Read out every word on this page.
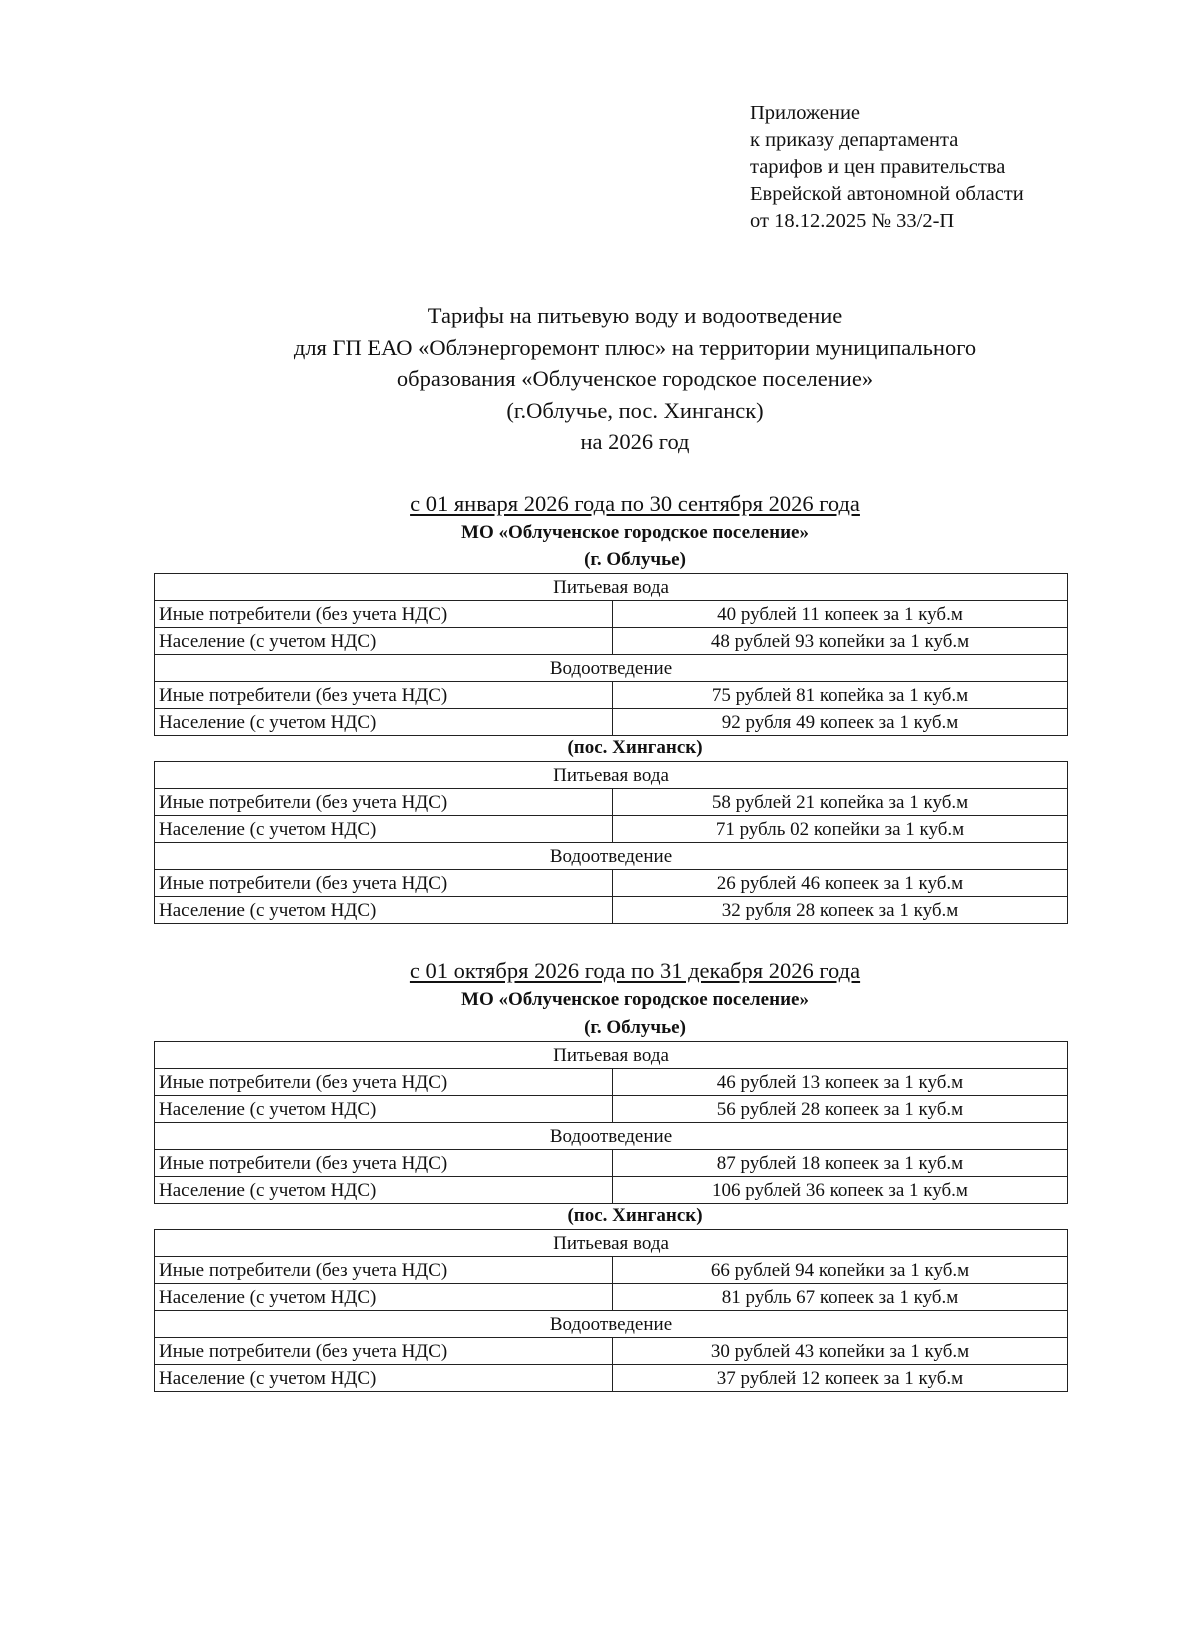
Приложение
к приказу департамента
тарифов и цен правительства
Еврейской автономной области
от 18.12.2025 № 33/2-П
Тарифы на питьевую воду и водоотведение
для ГП ЕАО «Облэнергоремонт плюс» на территории муниципального
образования «Облученское городское поселение»
(г.Облучье, пос. Хинганск)
на 2026 год
с 01 января 2026 года по 30 сентября 2026 года
МО «Облученское городское поселение»
(г. Облучье)
Питьевая вода	
Иные потребители (без учета НДС)	40 рублей 11 копеек за 1 куб.м
Население (с учетом НДС)	48 рублей 93 копейки за 1 куб.м
Водоотведение	
Иные потребители (без учета НДС)	75 рублей 81 копейка за 1 куб.м
Население (с учетом НДС)	92 рубля 49 копеек за 1 куб.м
(пос. Хинганск)
Питьевая вода	
Иные потребители (без учета НДС)	58 рублей 21 копейка за 1 куб.м
Население (с учетом НДС)	71 рубль 02 копейки за 1 куб.м
Водоотведение	
Иные потребители (без учета НДС)	26 рублей 46 копеек за 1 куб.м
Население (с учетом НДС)	32 рубля 28 копеек за 1 куб.м
с 01 октября 2026 года по 31 декабря 2026 года
МО «Облученское городское поселение»
(г. Облучье)
Питьевая вода	
Иные потребители (без учета НДС)	46 рублей 13 копеек за 1 куб.м
Население (с учетом НДС)	56 рублей 28 копеек за 1 куб.м
Водоотведение	
Иные потребители (без учета НДС)	87 рублей 18 копеек за 1 куб.м
Население (с учетом НДС)	106 рублей 36 копеек за 1 куб.м
(пос. Хинганск)
Питьевая вода	
Иные потребители (без учета НДС)	66 рублей 94 копейки за 1 куб.м
Население (с учетом НДС)	81 рубль 67 копеек за 1 куб.м
Водоотведение	
Иные потребители (без учета НДС)	30 рублей 43 копейки за 1 куб.м
Население (с учетом НДС)	37 рублей 12 копеек за 1 куб.м
